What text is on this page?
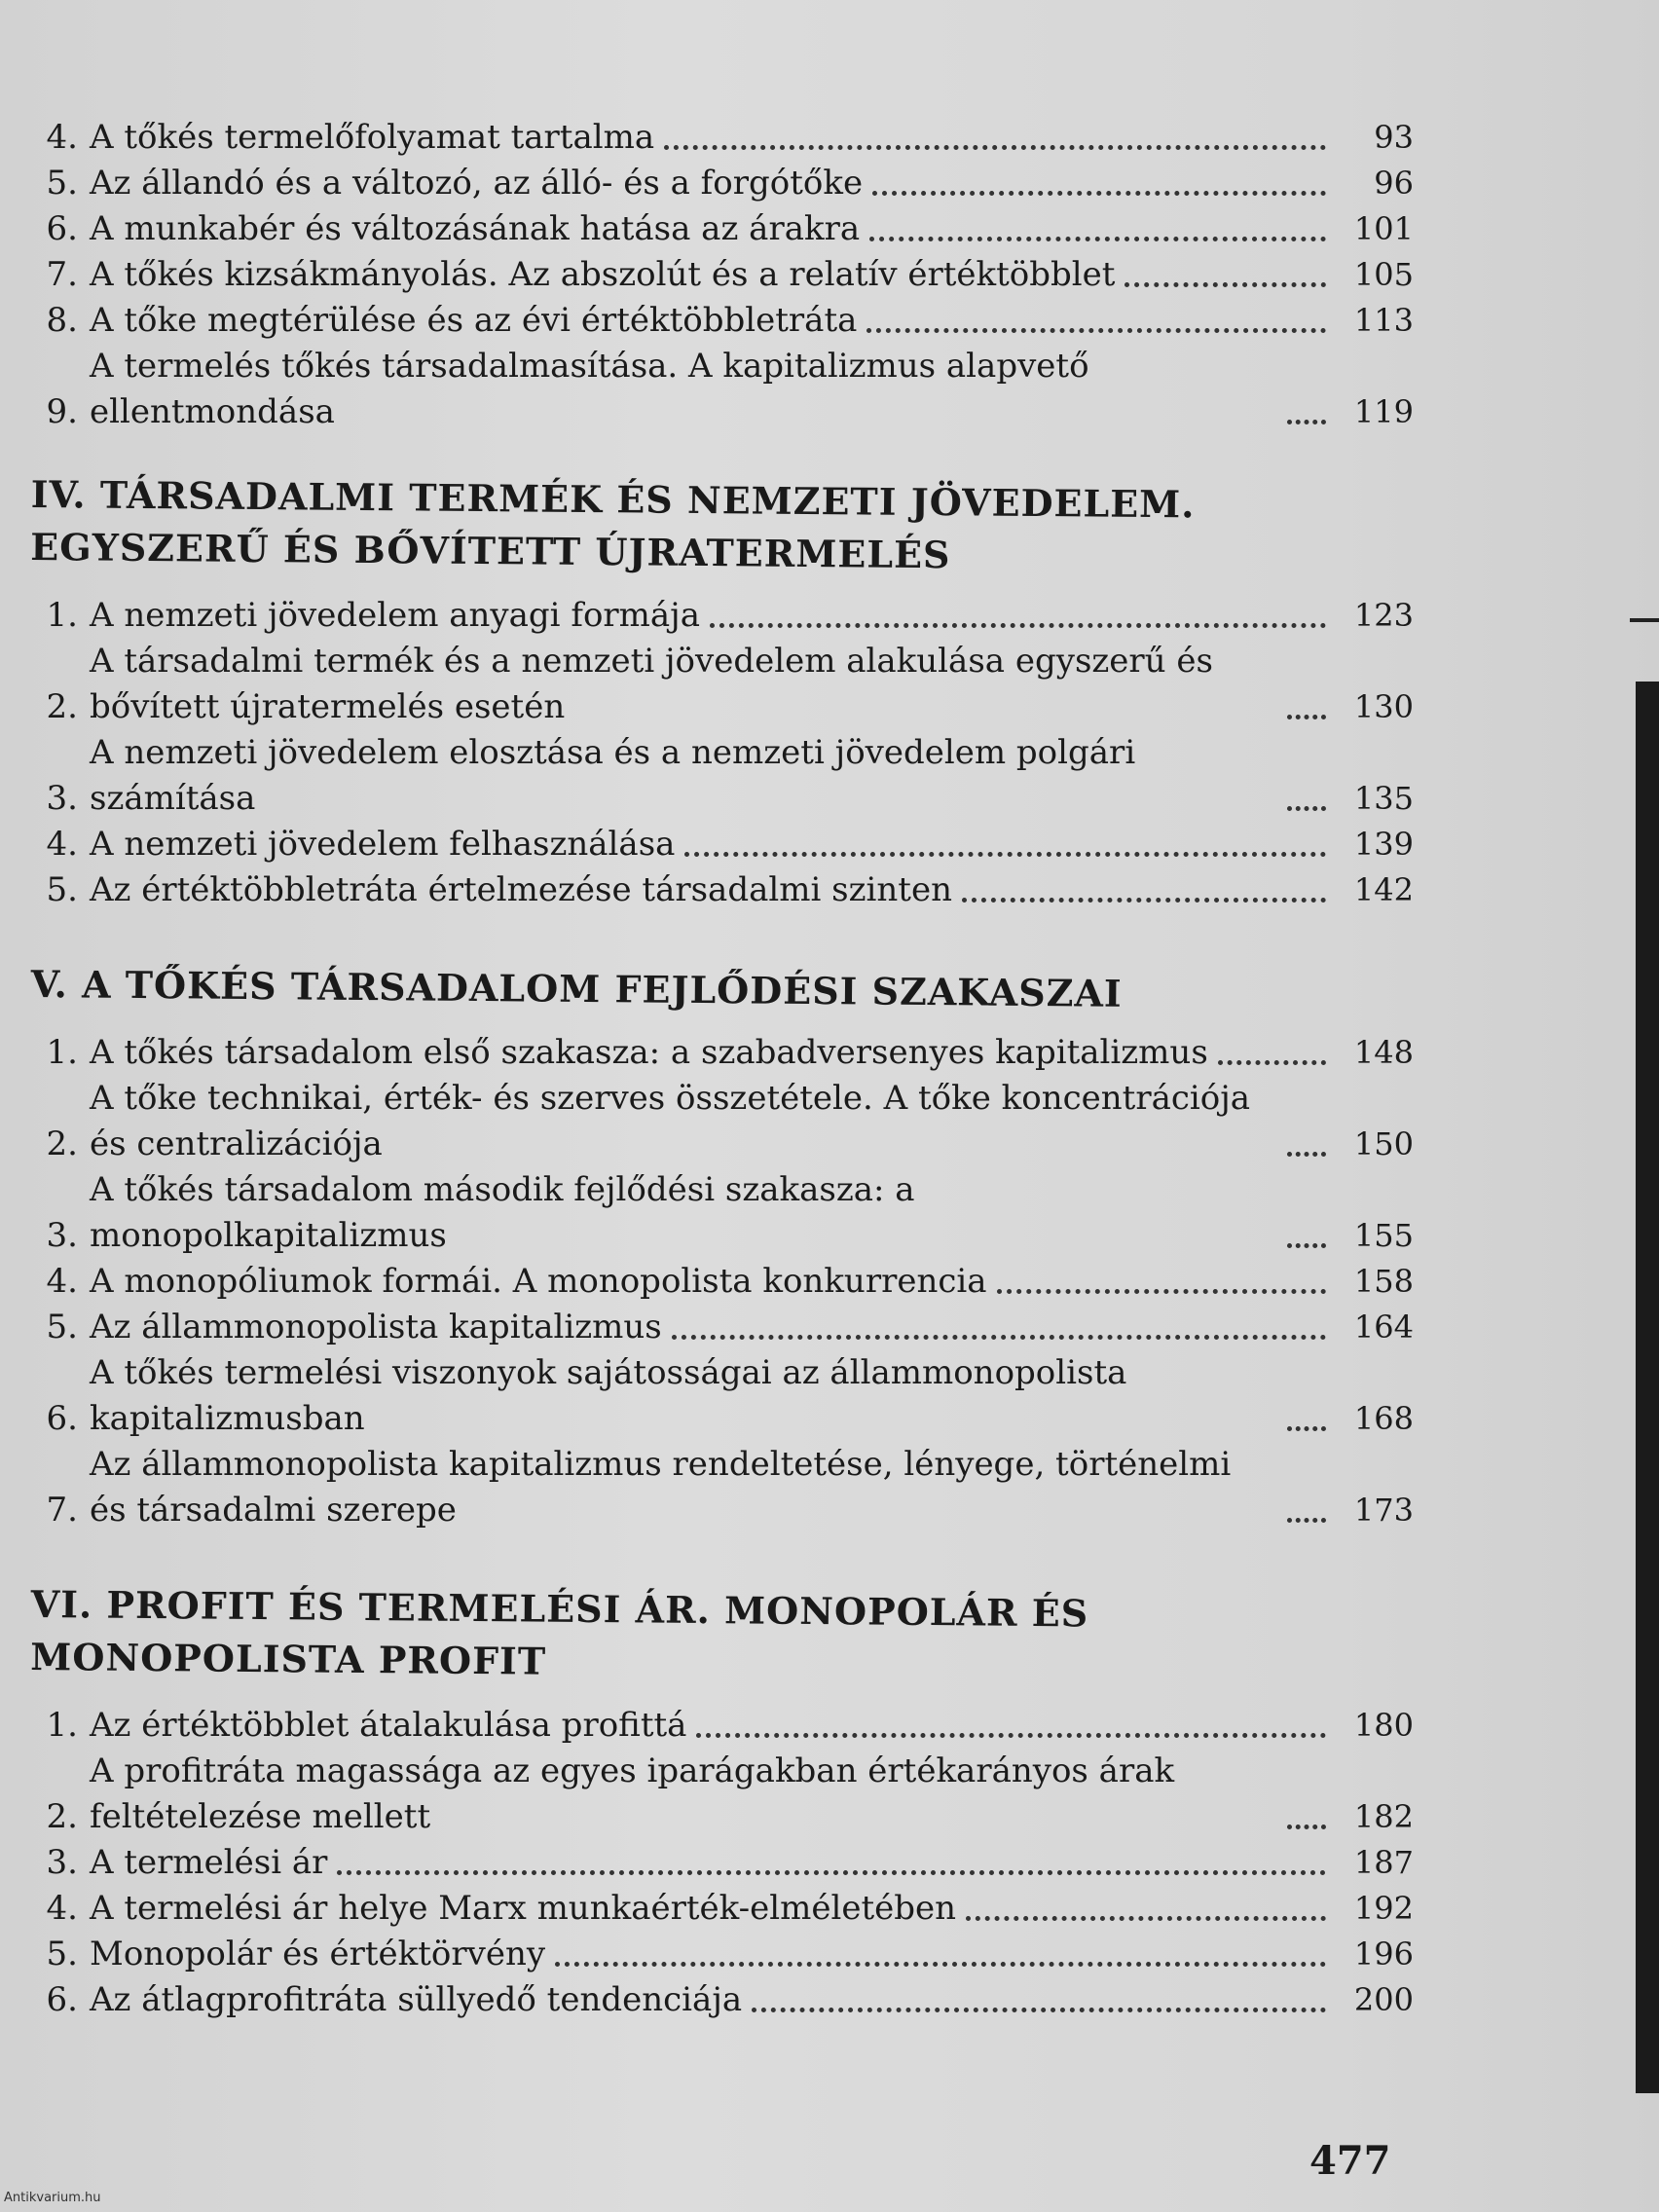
4. A tőkés termelőfolyamat tartalma	93
5. Az állandó és a változó, az álló- és a forgótőke	96
6. A munkabér és változásának hatása az árakra	101
7. A tőkés kizsákmányolás. Az abszolút és a relatív értéktöbblet	105
8. A tőke megtérülése és az évi értéktöbbletráta	113
9.
A termelés tőkés társadalmasítása. A kapitalizmus alapvető ellentmondása	119
IV. TÁRSADALMI TERMÉK ÉS NEMZETI JÖVEDELEM. EGYSZERŰ ÉS BŐVÍTETT ÚJRATERMELÉS
1. A nemzeti jövedelem anyagi formája	123
2.
A társadalmi termék és a nemzeti jövedelem alakulása egyszerű és bővített újratermelés esetén	130
3.
A nemzeti jövedelem elosztása és a nemzeti jövedelem polgári számítása	135
4. A nemzeti jövedelem felhasználása	139
5. Az értéktöbbletráta értelmezése társadalmi szinten	142
V. A TŐKÉS TÁRSADALOM FEJLŐDÉSI SZAKASZAI
1. A tőkés társadalom első szakasza: a szabadversenyes kapitalizmus	148
2.
A tőke technikai, érték- és szerves összetétele. A tőke koncentrációja és centralizációja	150
3.
A tőkés társadalom második fejlődési szakasza: a monopolkapitalizmus	155
4. A monopóliumok formái. A monopolista konkurrencia	158
5. Az állammonopolista kapitalizmus	164
6.
A tőkés termelési viszonyok sajátosságai az állammonopolista kapitalizmusban	168
7.
Az állammonopolista kapitalizmus rendeltetése, lényege, történelmi és társadalmi szerepe	173
VI. PROFIT ÉS TERMELÉSI ÁR. MONOPOLÁR ÉS MONOPOLISTA PROFIT
1. Az értéktöbblet átalakulása profittá	180
2.
A profitráta magassága az egyes iparágakban értékarányos árak feltételezése mellett	182
3. A termelési ár	187
4. A termelési ár helye Marx munkaérték-elméletében	192
5. Monopolár és értéktörvény	196
6. Az átlagprofitráta süllyedő tendenciája	200
477
Antikvarium.hu
